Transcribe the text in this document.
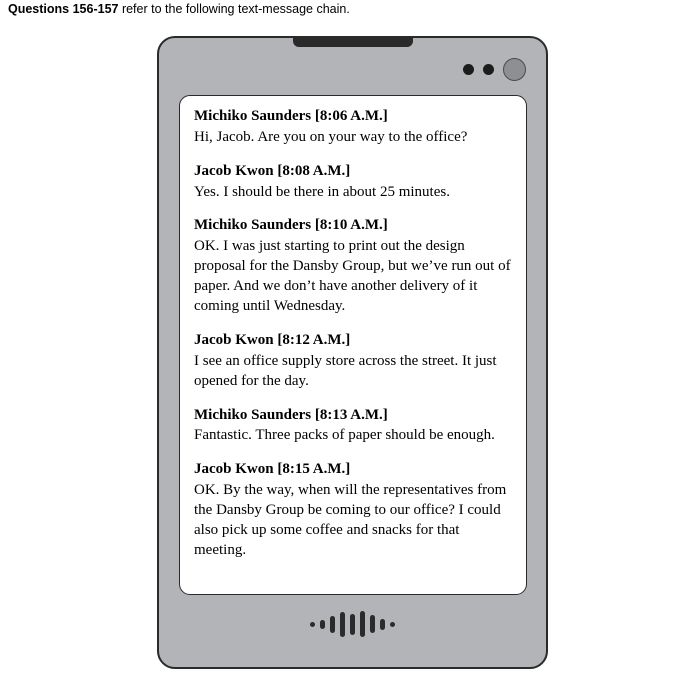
Questions 156-157 refer to the following text-message chain.

Michiko Saunders [8:06 A.M.]

Hi, Jacob. Are you on your way to the office?

Jacob Kwon [8:08 A.M.]

Yes. I should be there in about 25 minutes.

Michiko Saunders [8:10 A.M.]

OK. I was just starting to print out the design proposal for the Dansby Group, but we’ve run out of paper. And we don’t have another delivery of it coming until Wednesday.

Jacob Kwon [8:12 A.M.]

I see an office supply store across the street. It just opened for the day.

Michiko Saunders [8:13 A.M.]

Fantastic. Three packs of paper should be enough.

Jacob Kwon [8:15 A.M.]

OK. By the way, when will the representatives from the Dansby Group be coming to our office? I could also pick up some coffee and snacks for that meeting.
